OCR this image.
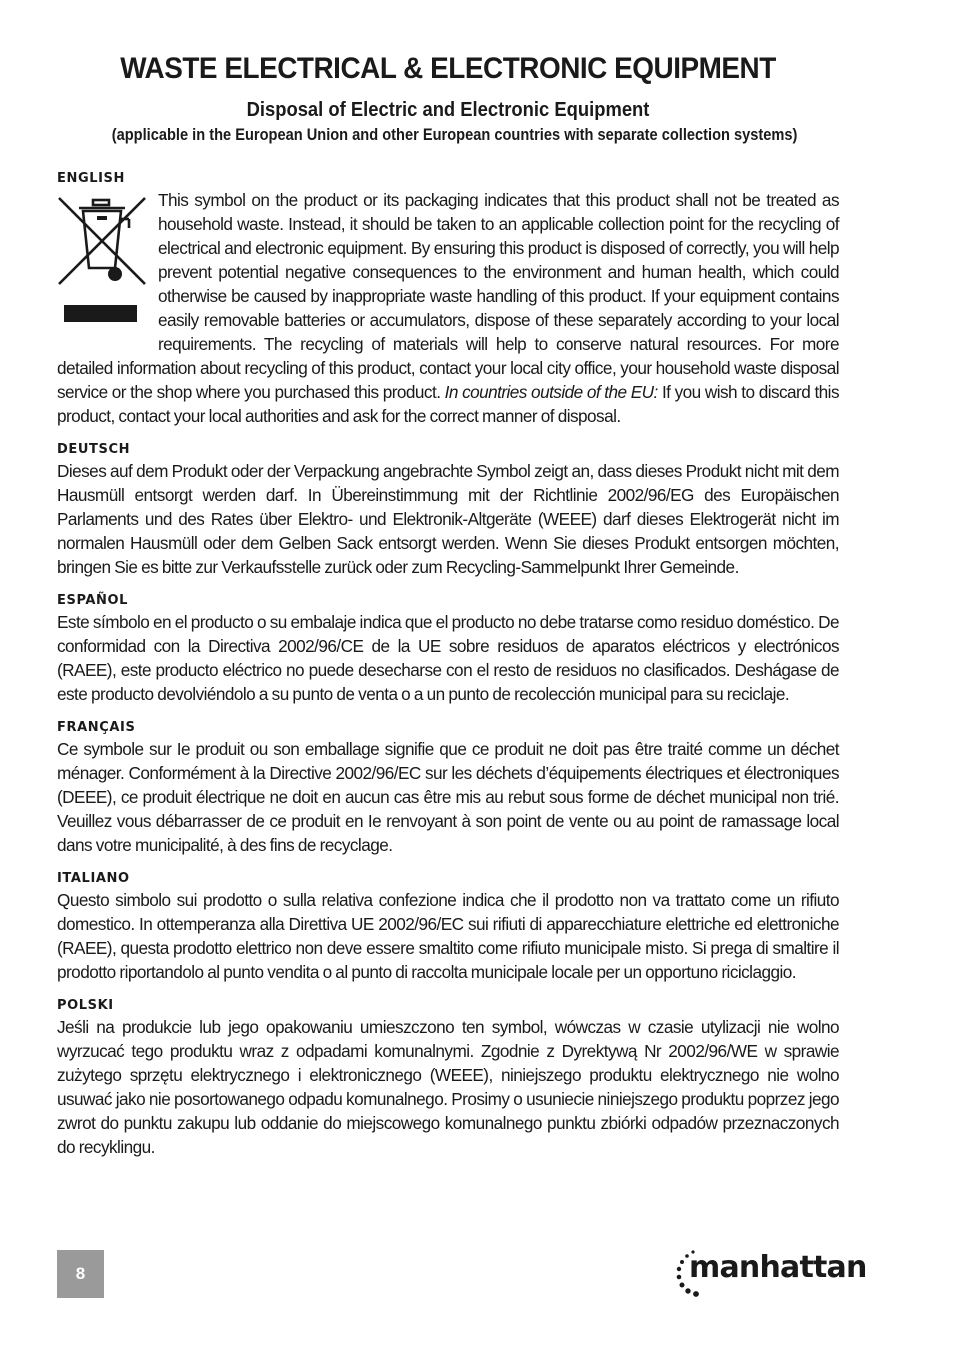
WASTE ELECTRICAL & ELECTRONIC EQUIPMENT
Disposal of Electric and Electronic Equipment
(applicable in the European Union and other European countries with separate collection systems)
ENGLISH

This symbol on the product or its packaging indicates that this product shall not be treated as household waste. Instead, it should be taken to an applicable collection point for the recycling of electrical and electronic equipment. By ensuring this product is disposed of correctly, you will help prevent potential negative consequences to the environment and human health, which could otherwise be caused by inappropriate waste handling of this product. If your equipment contains easily removable batteries or accumulators, dispose of these separately according to your local requirements. The recycling of materials will help to conserve natural resources. For more detailed information about recycling of this product, contact your local city office, your household waste disposal service or the shop where you purchased this product. In countries outside of the EU: If you wish to discard this product, contact your local authorities and ask for the correct manner of disposal.

DEUTSCH

Dieses auf dem Produkt oder der Verpackung angebrachte Symbol zeigt an, dass dieses Produkt nicht mit dem Hausmüll entsorgt werden darf. In Übereinstimmung mit der Richtlinie 2002/96/EG des Europäischen Parlaments und des Rates über Elektro- und Elektronik-Altgeräte (WEEE) darf dieses Elektrogerät nicht im normalen Hausmüll oder dem Gelben Sack entsorgt werden. Wenn Sie dieses Produkt entsorgen möchten, bringen Sie es bitte zur Verkaufsstelle zurück oder zum Recycling-Sammelpunkt Ihrer Gemeinde.

ESPAÑOL

Este símbolo en el producto o su embalaje indica que el producto no debe tratarse como residuo doméstico. De conformidad con la Directiva 2002/96/CE de la UE sobre residuos de aparatos eléctricos y electrónicos (RAEE), este producto eléctrico no puede desecharse con el resto de residuos no clasificados. Deshágase de este producto devolviéndolo a su punto de venta o a un punto de recolección municipal para su reciclaje.

FRANÇAIS

Ce symbole sur Ie produit ou son emballage signifie que ce produit ne doit pas être traité comme un déchet ménager. Conformément à la Directive 2002/96/EC sur les déchets d’équipements électriques et électroniques (DEEE), ce produit électrique ne doit en aucun cas être mis au rebut sous forme de déchet municipal non trié. Veuillez vous débarrasser de ce produit en Ie renvoyant à son point de vente ou au point de ramassage local dans votre municipalité, à des fins de recyclage.

ITALIANO

Questo simbolo sui prodotto o sulla relativa confezione indica che il prodotto non va trattato come un rifiuto domestico. In ottemperanza alla Direttiva UE 2002/96/EC sui rifiuti di apparecchiature elettriche ed elettroniche (RAEE), questa prodotto elettrico non deve essere smaltito come rifiuto municipale misto. Si prega di smaltire il prodotto riportandolo al punto vendita o al punto di raccolta municipale locale per un opportuno riciclaggio.

POLSKI

Jeśli na produkcie lub jego opakowaniu umieszczono ten symbol, wówczas w czasie utylizacji nie wolno wyrzucać tego produktu wraz z odpadami komunalnymi. Zgodnie z Dyrektywą Nr 2002/96/WE w sprawie zużytego sprzętu elektrycznego i elektronicznego (WEEE), niniejszego produktu elektrycznego nie wolno usuwać jako nie posortowanego odpadu komunalnego. Prosimy o usuniecie niniejszego produktu poprzez jego zwrot do punktu zakupu lub oddanie do miejscowego komunalnego punktu zbiórki odpadów przeznaczonych do recyklingu.

8	manhattan
